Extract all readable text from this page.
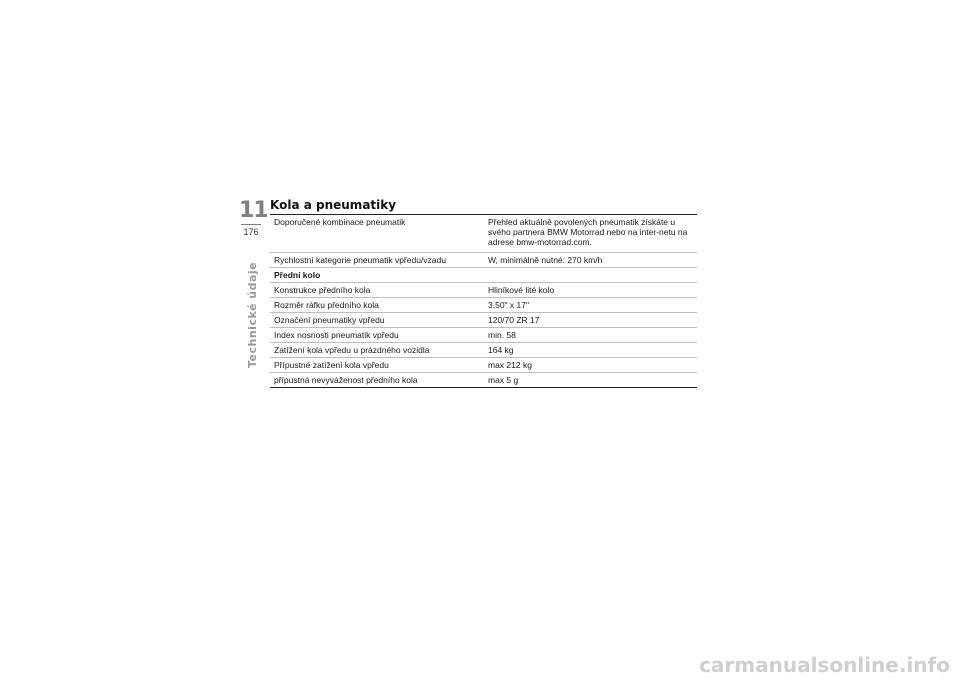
11
176
Technické údaje
Kola a pneumatiky
Doporučené kombinace pneumatik	Přehled aktuálně povolených pneumatik získáte u svého partnera BMW Motorrad nebo na inter-netu na adrese bmw-motorrad.com.
Rychlostní kategorie pneumatik vpředu/vzadu	W, minimálně nutné: 270 km/h
Přední kolo
Konstrukce předního kola	Hliníkové lité kolo
Rozměr ráfku předního kola	3,50" x 17"
Označení pneumatiky vpředu	120/70 ZR 17
Index nosnosti pneumatik vpředu	min. 58
Zatížení kola vpředu u prázdného vozidla	164 kg
Přípustné zatížení kola vpředu	max 212 kg
přípustná nevyváženost předního kola	max 5 g
carmanualsonline.info
